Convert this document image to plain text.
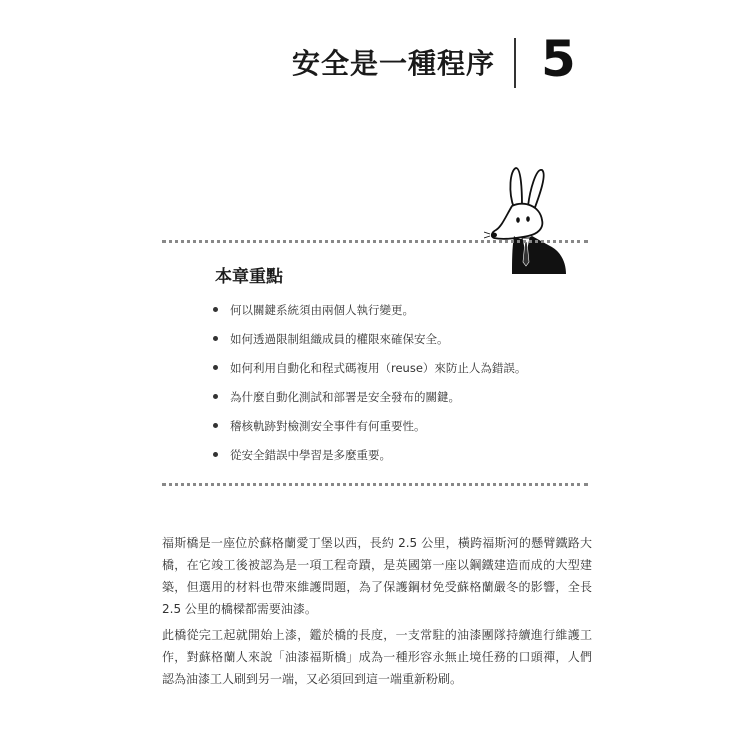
安全是一種程序 5
本章重點
何以關鍵系統須由兩個人執行變更。
如何透過限制組織成員的權限來確保安全。
如何利用自動化和程式碼複用（reuse）來防止人為錯誤。
為什麼自動化測試和部署是安全發布的關鍵。
稽核軌跡對檢測安全事件有何重要性。
從安全錯誤中學習是多麼重要。

福斯橋是一座位於蘇格蘭愛丁堡以西，長約 2.5 公里，橫跨福斯河的懸臂鐵路大橋，在它竣工後被認為是一項工程奇蹟，是英國第一座以鋼鐵建造而成的大型建築，但選用的材料也帶來維護問題，為了保護鋼材免受蘇格蘭嚴冬的影響，全長 2.5 公里的橋樑都需要油漆。

此橋從完工起就開始上漆，鑑於橋的長度，一支常駐的油漆團隊持續進行維護工作，對蘇格蘭人來說「油漆福斯橋」成為一種形容永無止境任務的口頭禪，人們認為油漆工人刷到另一端，又必須回到這一端重新粉刷。
